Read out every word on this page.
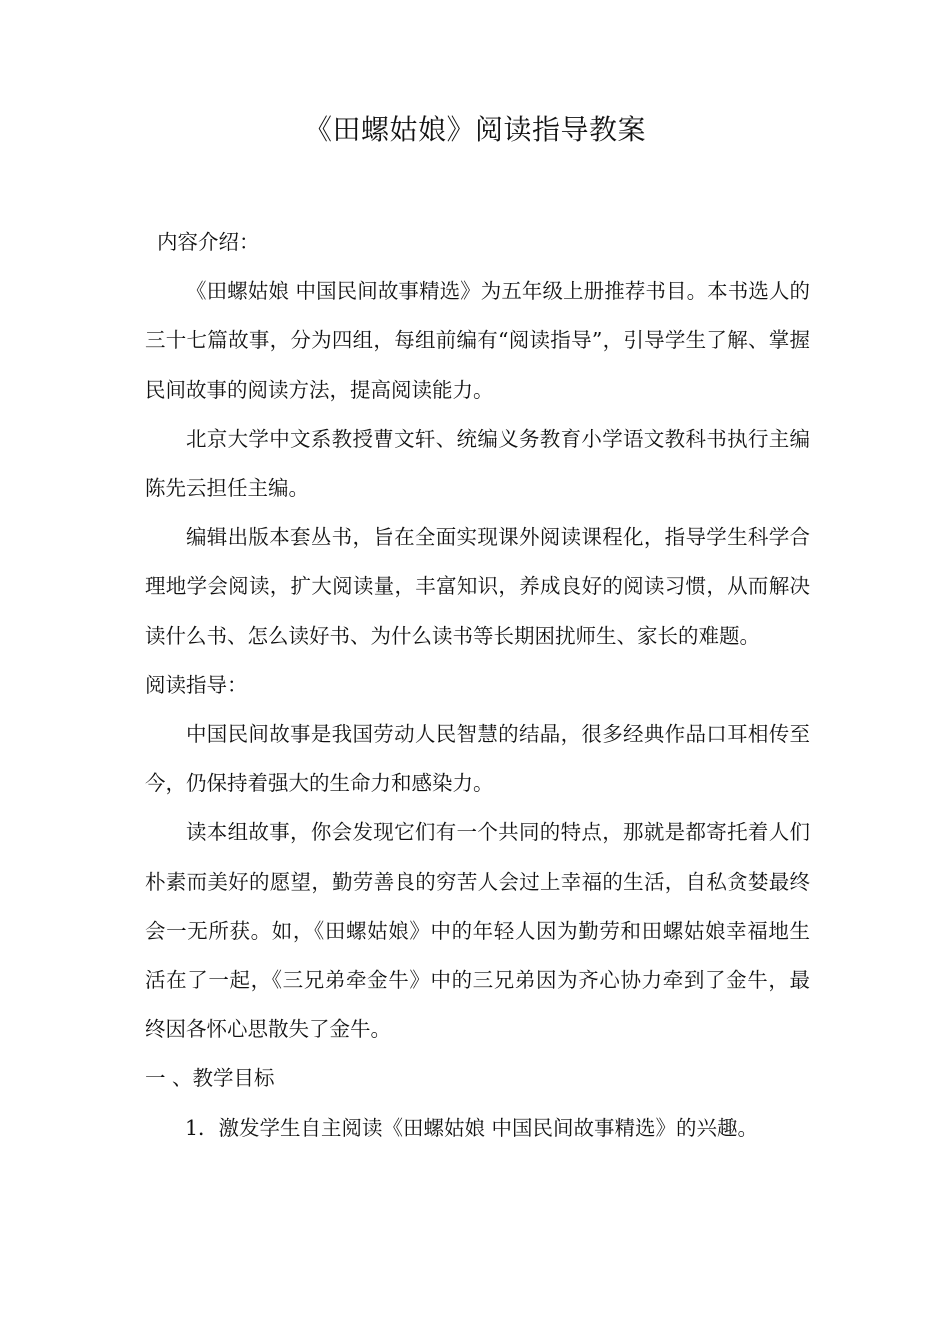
《田螺姑娘》阅读指导教案

内容介绍：

《田螺姑娘 中国民间故事精选》为五年级上册推荐书目。本书选人的三十七篇故事，分为四组，每组前编有“阅读指导”，引导学生了解、掌握民间故事的阅读方法，提高阅读能力。

北京大学中文系教授曹文轩、统编义务教育小学语文教科书执行主编陈先云担任主编。

编辑出版本套丛书，旨在全面实现课外阅读课程化，指导学生科学合理地学会阅读，扩大阅读量，丰富知识，养成良好的阅读习惯，从而解决读什么书、怎么读好书、为什么读书等长期困扰师生、家长的难题。

阅读指导：

中国民间故事是我国劳动人民智慧的结晶，很多经典作品口耳相传至今，仍保持着强大的生命力和感染力。

读本组故事，你会发现它们有一个共同的特点，那就是都寄托着人们朴素而美好的愿望，勤劳善良的穷苦人会过上幸福的生活，自私贪婪最终会一无所获。如，《田螺姑娘》中的年轻人因为勤劳和田螺姑娘幸福地生活在了一起，《三兄弟牵金牛》中的三兄弟因为齐心协力牵到了金牛，最终因各怀心思散失了金牛。

一 、教学目标

1．激发学生自主阅读《田螺姑娘 中国民间故事精选》的兴趣。
